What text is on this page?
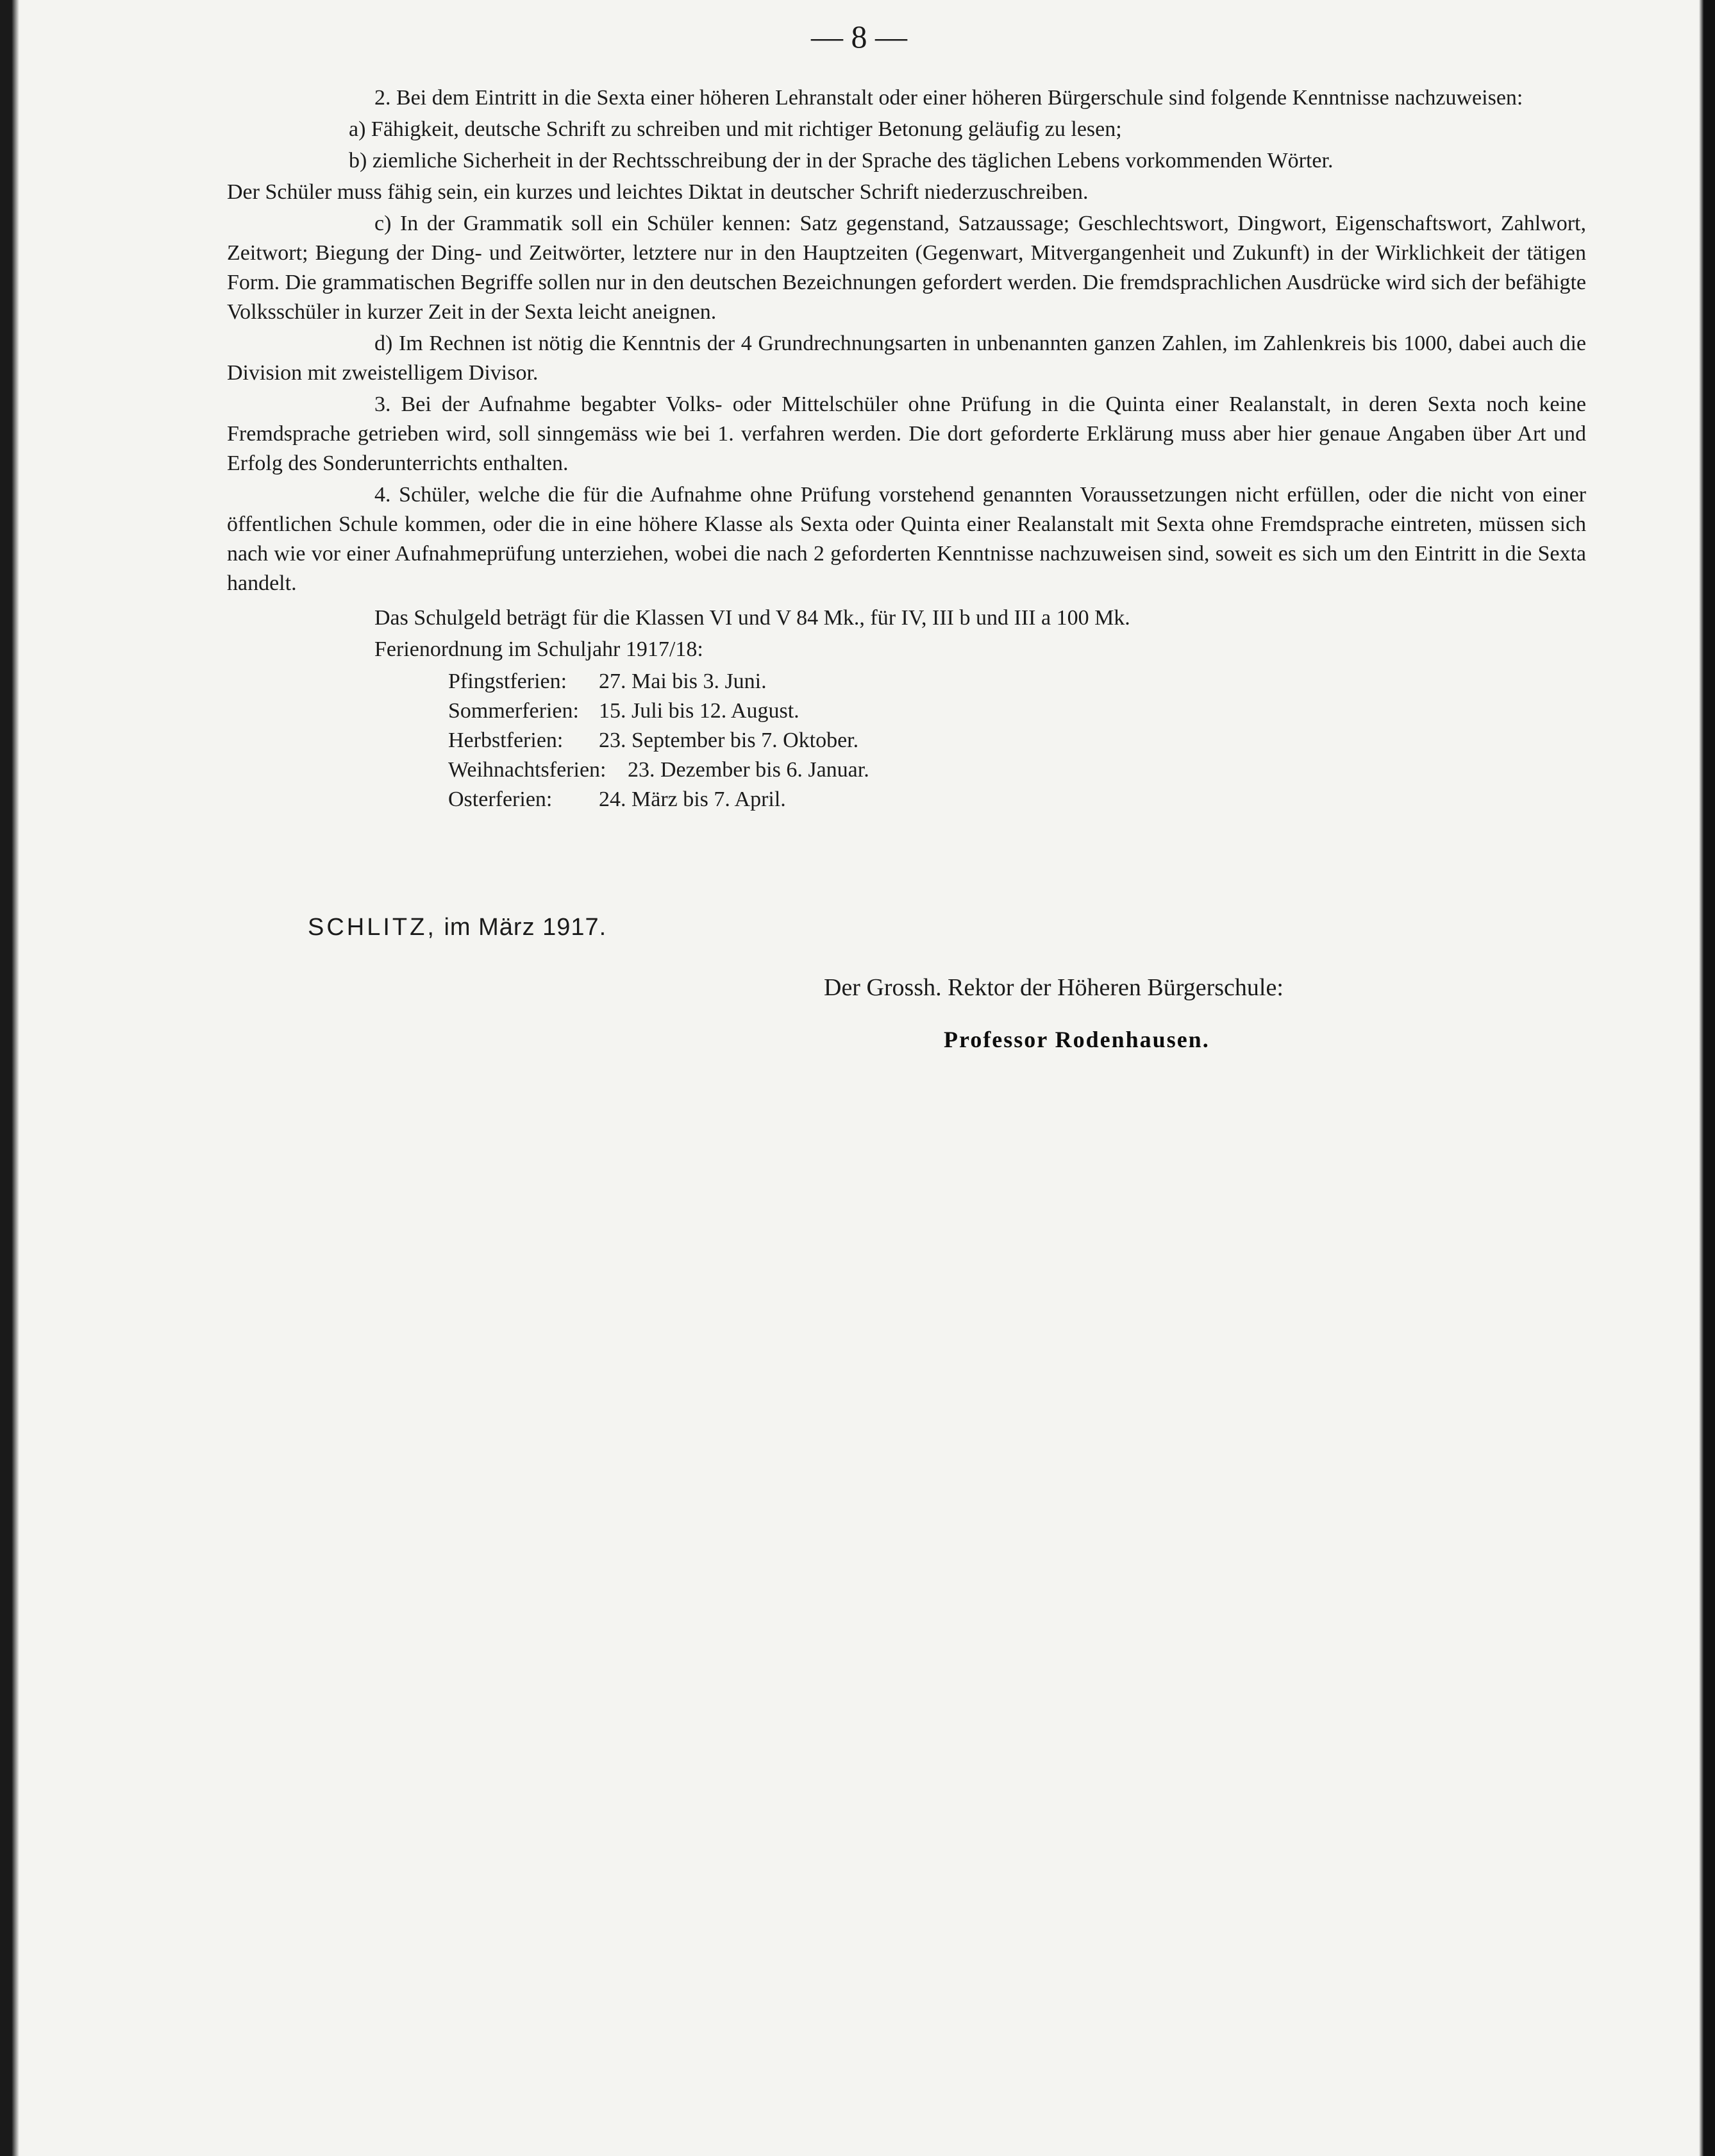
— 8 —

2. Bei dem Eintritt in die Sexta einer höheren Lehranstalt oder einer höheren Bürgerschule sind folgende Kenntnisse nachzuweisen:

a) Fähigkeit, deutsche Schrift zu schreiben und mit richtiger Betonung geläufig zu lesen;

b) ziemliche Sicherheit in der Rechtsschreibung der in der Sprache des täglichen Lebens vorkommenden Wörter.

Der Schüler muss fähig sein, ein kurzes und leichtes Diktat in deutscher Schrift niederzuschreiben.

c) In der Grammatik soll ein Schüler kennen: Satz gegenstand, Satzaussage; Geschlechtswort, Dingwort, Eigenschaftswort, Zahlwort, Zeitwort; Biegung der Ding- und Zeitwörter, letztere nur in den Hauptzeiten (Gegenwart, Mitvergangenheit und Zukunft) in der Wirklichkeit der tätigen Form. Die grammatischen Begriffe sollen nur in den deutschen Bezeichnungen gefordert werden. Die fremdsprachlichen Ausdrücke wird sich der befähigte Volksschüler in kurzer Zeit in der Sexta leicht aneignen.

d) Im Rechnen ist nötig die Kenntnis der 4 Grundrechnungsarten in unbenannten ganzen Zahlen, im Zahlenkreis bis 1000, dabei auch die Division mit zweistelligem Divisor.

3. Bei der Aufnahme begabter Volks- oder Mittelschüler ohne Prüfung in die Quinta einer Realanstalt, in deren Sexta noch keine Fremdsprache getrieben wird, soll sinngemäss wie bei 1. verfahren werden. Die dort geforderte Erklärung muss aber hier genaue Angaben über Art und Erfolg des Sonderunterrichts enthalten.

4. Schüler, welche die für die Aufnahme ohne Prüfung vorstehend genannten Voraussetzungen nicht erfüllen, oder die nicht von einer öffentlichen Schule kommen, oder die in eine höhere Klasse als Sexta oder Quinta einer Realanstalt mit Sexta ohne Fremdsprache eintreten, müssen sich nach wie vor einer Aufnahmeprüfung unterziehen, wobei die nach 2 geforderten Kenntnisse nachzuweisen sind, soweit es sich um den Eintritt in die Sexta handelt.

Das Schulgeld beträgt für die Klassen VI und V 84 Mk., für IV, III b und III a 100 Mk.

Ferienordnung im Schuljahr 1917/18:

Pfingstferien:	27. Mai bis 3. Juni.
Sommerferien: 15. Juli bis 12. August.
Herbstferien:	23. September bis 7. Oktober.
Weihnachtsferien: 23. Dezember bis 6. Januar.
Osterferien:	24. März bis 7. April.
SCHLITZ, im März 1917.
Der Grossh. Rektor der Höheren Bürgerschule:
Professor Rodenhausen.
